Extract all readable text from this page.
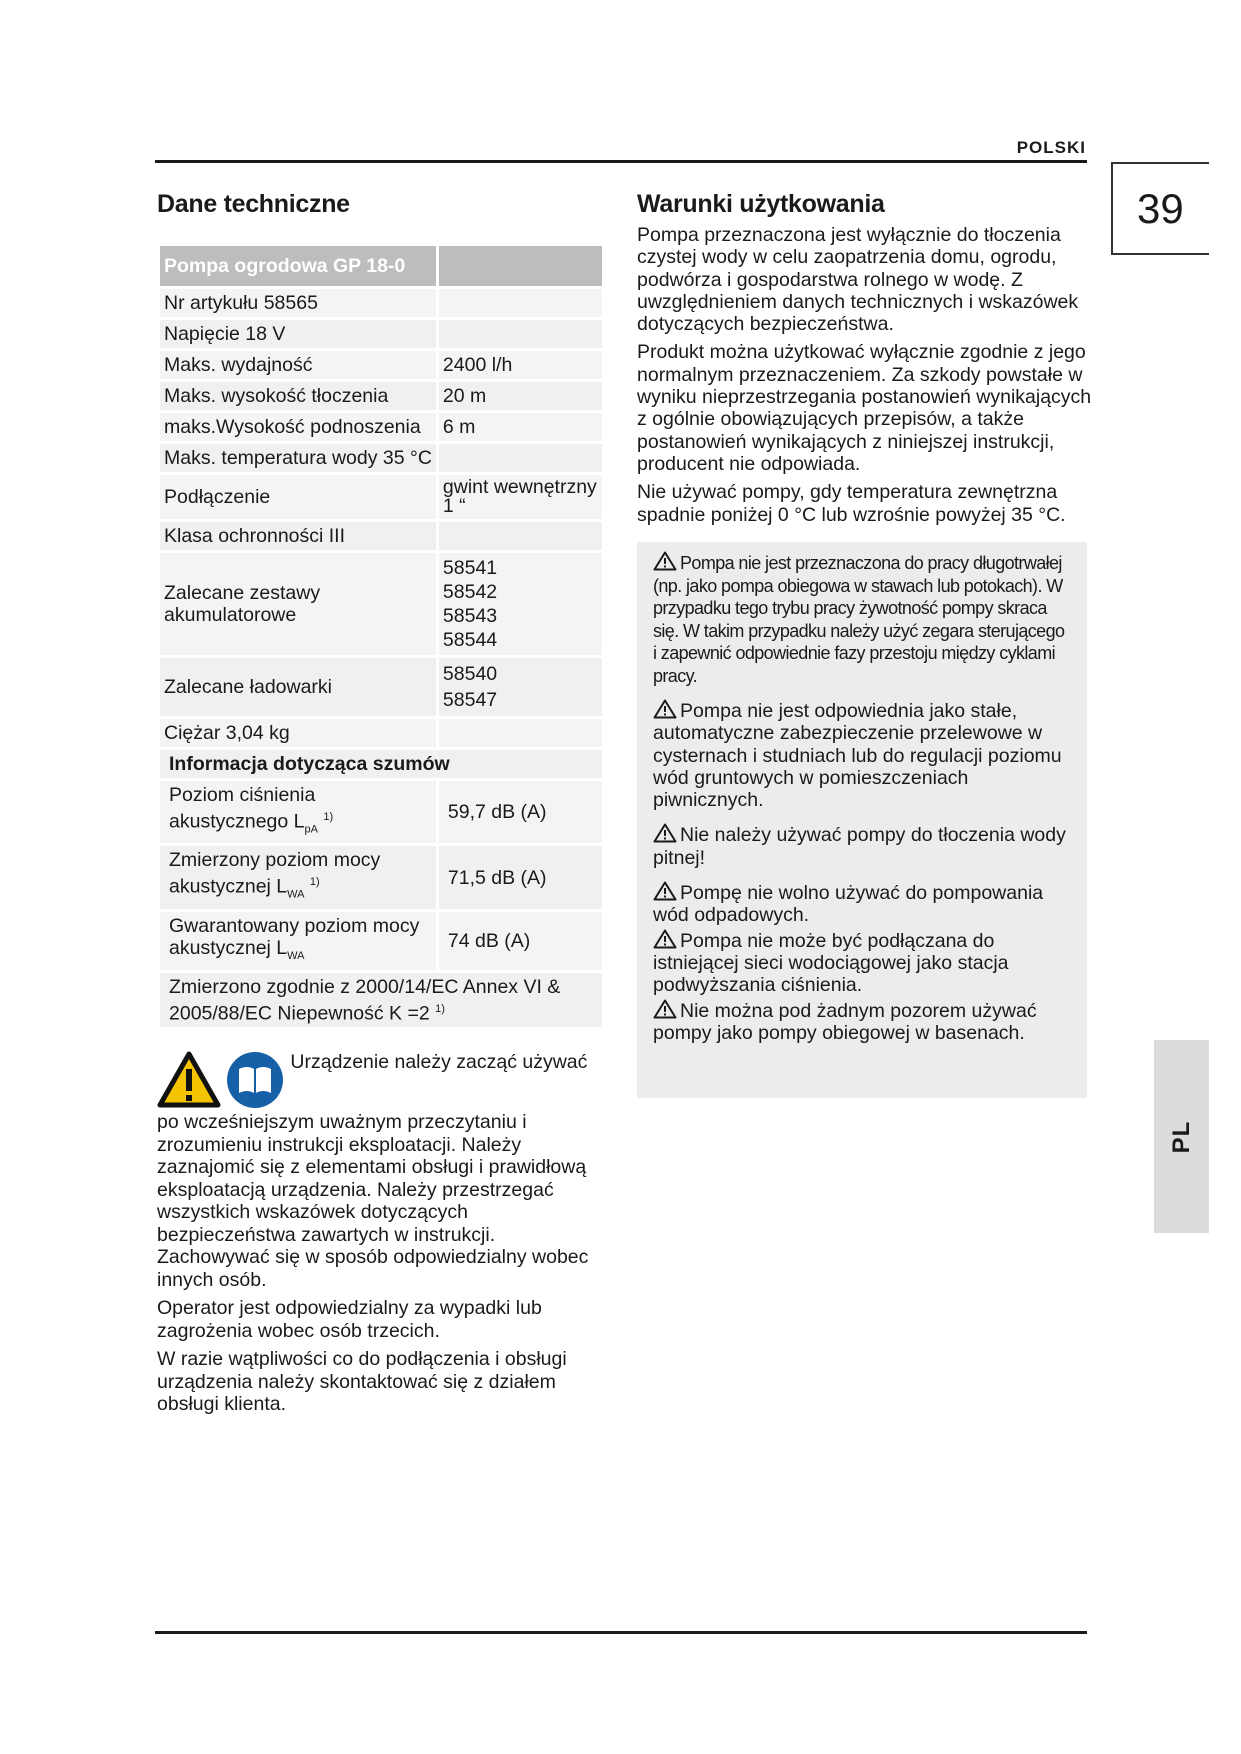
POLSKI
39
PL
Dane techniczne
Pompa ogrodowa GP 18-0	
Nr artykułu 58565	
Napięcie 18 V	
Maks. wydajność	2400 l/h
Maks. wysokość tłoczenia	20 m
maks.Wysokość podnoszenia	6 m
Maks. temperatura wody 35 °C	
Podłączenie	gwint wewnętrzny 1 “
Klasa ochronności III	
Zalecane zestawy akumulatorowe	58541
58542
58543
58544

Zalecane ładowarki	58540
58547

Ciężar 3,04 kg	
Informacja dotycząca szumów	
Poziom ciśnienia akustycznego $L_{pA}$ $^{1)}$	59,7 dB (A)
Zmierzony poziom mocy akustycznej $L_{WA}$ $^{1)}$	71,5 dB (A)
Gwarantowany poziom mocy akustycznej $L_{WA}$	74 dB (A)
Zmierzono zgodnie z 2000/14/EC Annex VI & 2005/88/EC Niepewność K =2 $^{1)}$

Urządzenie należy zacząć używać po wcześniejszym uważnym przeczytaniu i zrozumieniu instrukcji eksploatacji. Należy zaznajomić się z elementami obsługi i prawidłową eksploatacją urządzenia. Należy przestrzegać wszystkich wskazówek dotyczących bezpieczeństwa zawartych w instrukcji. Zachowywać się w sposób odpowiedzialny wobec innych osób.

Operator jest odpowiedzialny za wypadki lub zagrożenia wobec osób trzecich.

W razie wątpliwości co do podłączenia i obsługi urządzenia należy skontaktować się z działem obsługi klienta.

Warunki użytkowania

Pompa przeznaczona jest wyłącznie do tłoczenia czystej wody w celu zaopatrzenia domu, ogrodu, podwórza i gospodarstwa rolnego w wodę. Z uwzględnieniem danych technicznych i wskazówek dotyczących bezpieczeństwa.

Produkt można użytkować wyłącznie zgodnie z jego normalnym przeznaczeniem. Za szkody powstałe w wyniku nieprzestrzegania postanowień wynikających z ogólnie obowiązujących przepisów, a także postanowień wynikających z niniejszej instrukcji, producent nie odpowiada.

Nie używać pompy, gdy temperatura zewnętrzna spadnie poniżej 0 °C lub wzrośnie powyżej 35 °C.

Pompa nie jest przeznaczona do pracy długotrwałej (np. jako pompa obiegowa w stawach lub potokach). W przypadku tego trybu pracy żywotność pompy skraca się. W takim przypadku należy użyć zegara sterującego i zapewnić odpowiednie fazy przestoju między cyklami pracy.

Pompa nie jest odpowiednia jako stałe, automatyczne zabezpieczenie przelewowe w cysternach i studniach lub do regulacji poziomu wód gruntowych w pomieszczeniach piwnicznych.

Nie należy używać pompy do tłoczenia wody pitnej!

Pompę nie wolno używać do pompowania wód odpadowych.

Pompa nie może być podłączana do istniejącej sieci wodociągowej jako stacja podwyższania ciśnienia.

Nie można pod żadnym pozorem używać pompy jako pompy obiegowej w basenach.
